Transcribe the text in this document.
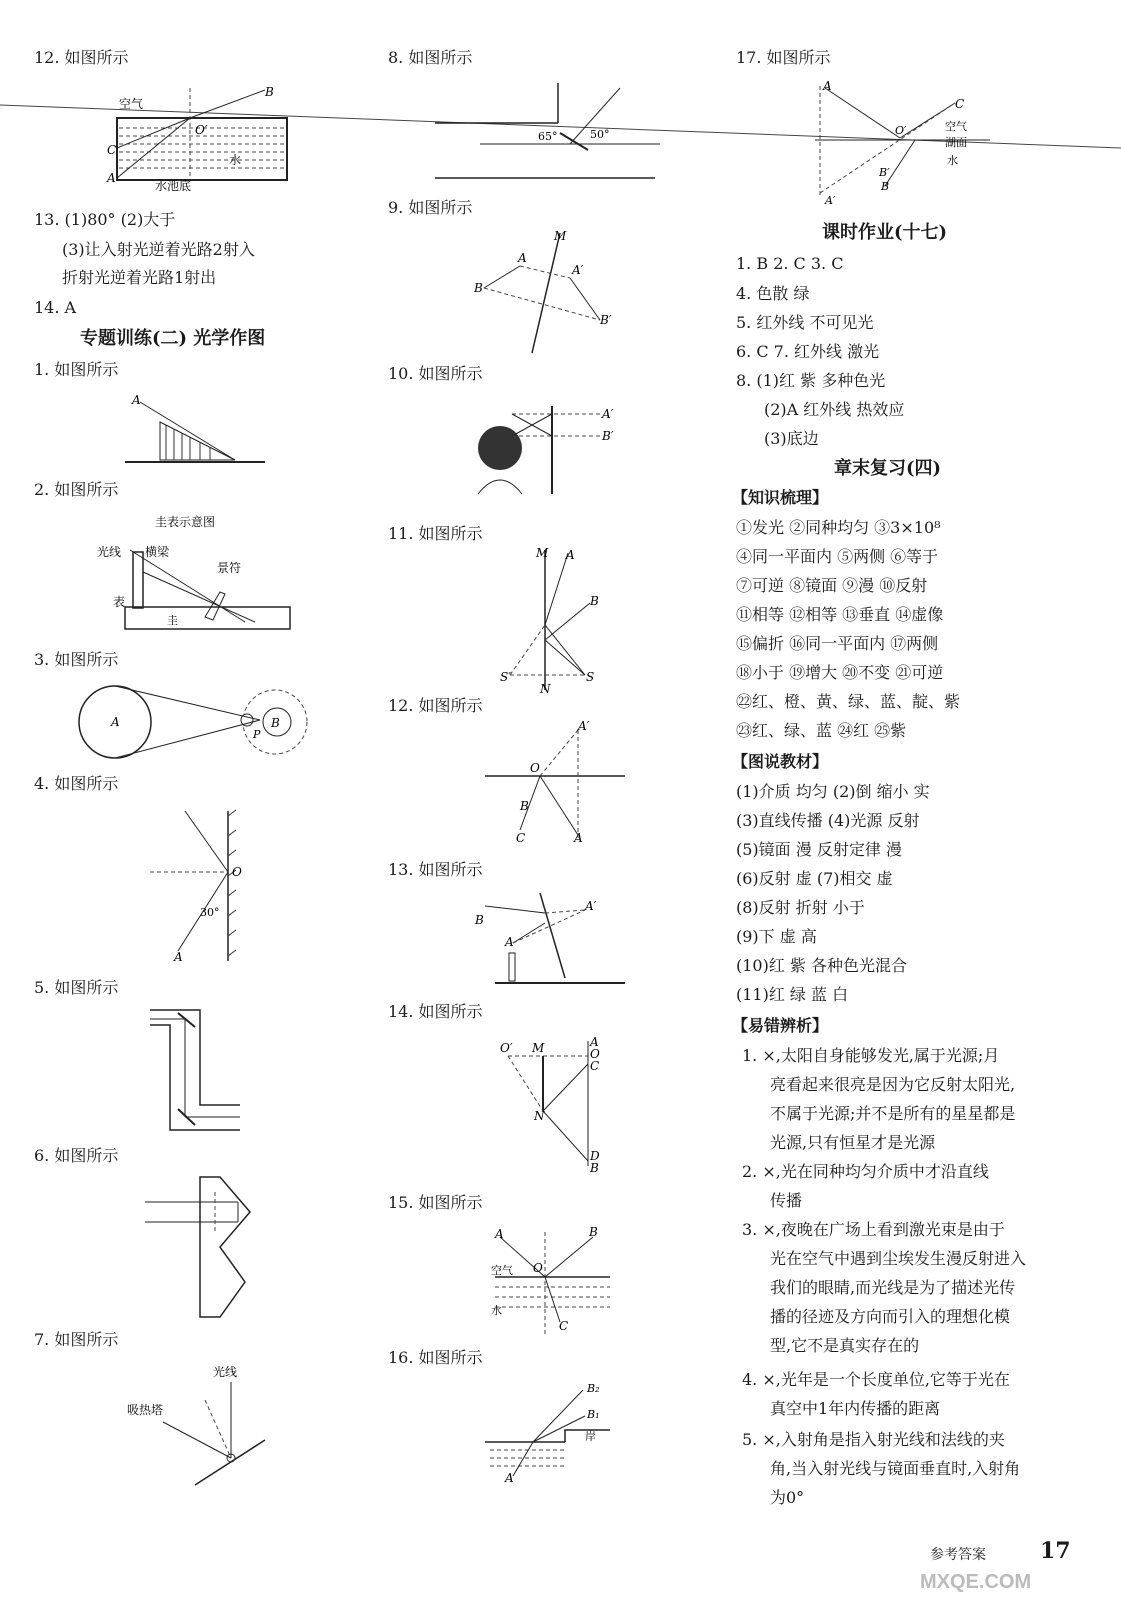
12. 如图所示
空气
B
C
A
O′
水
水池底
13. (1)80° (2)大于
(3)让入射光逆着光路2射入
折射光逆着光路1射出
14. A
专题训练(二) 光学作图
1. 如图所示
A
2. 如图所示
圭表示意图
光线 横梁
景符
表
圭
3. 如图所示
A	B
P
4. 如图所示
O
30°
A
5. 如图所示
6. 如图所示
7. 如图所示
光线
吸热塔
8. 如图所示
65°	50°
9. 如图所示
M
A
A′
B
B′
10. 如图所示
A′
B′
11. 如图所示
M A
B
S
S′
N
12. 如图所示
A′
O
B
C	A
13. 如图所示
B
A
A′
14. 如图所示
O′ M	A
O
C
N
D
B
15. 如图所示
A	B
O
空气
水
C
16. 如图所示
B₂
B₁
A
岸
17. 如图所示
A
C
O′	空气
湖面
水
B′
B
A′
课时作业(十七)
1. B 2. C 3. C
4. 色散 绿
5. 红外线 不可见光
6. C 7. 红外线 激光
8. (1)红 紫 多种色光
(2)A 红外线 热效应
(3)底边
章末复习(四)
【知识梳理】
①发光 ②同种均匀 ③3×10⁸
④同一平面内 ⑤两侧 ⑥等于
⑦可逆 ⑧镜面 ⑨漫 ⑩反射
⑪相等 ⑫相等 ⑬垂直 ⑭虚像
⑮偏折 ⑯同一平面内 ⑰两侧
⑱小于 ⑲增大 ⑳不变 ㉑可逆
㉒红、橙、黄、绿、蓝、靛、紫
㉓红、绿、蓝 ㉔红 ㉕紫
【图说教材】
(1)介质 均匀 (2)倒 缩小 实
(3)直线传播 (4)光源 反射
(5)镜面 漫 反射定律 漫
(6)反射 虚 (7)相交 虚
(8)反射 折射 小于
(9)下 虚 高
(10)红 紫 各种色光混合
(11)红 绿 蓝 白
【易错辨析】
1. ×,太阳自身能够发光,属于光源;月
亮看起来很亮是因为它反射太阳光,
不属于光源;并不是所有的星星都是
光源,只有恒星才是光源
2. ×,光在同种均匀介质中才沿直线
传播
3. ×,夜晚在广场上看到激光束是由于
光在空气中遇到尘埃发生漫反射进入
我们的眼睛,而光线是为了描述光传
播的径迹及方向而引入的理想化模
型,它不是真实存在的
4. ×,光年是一个长度单位,它等于光在
真空中1年内传播的距离
5. ×,入射角是指入射光线和法线的夹
角,当入射光线与镜面垂直时,入射角
为0°
参考答案 17
MXQE.COM
